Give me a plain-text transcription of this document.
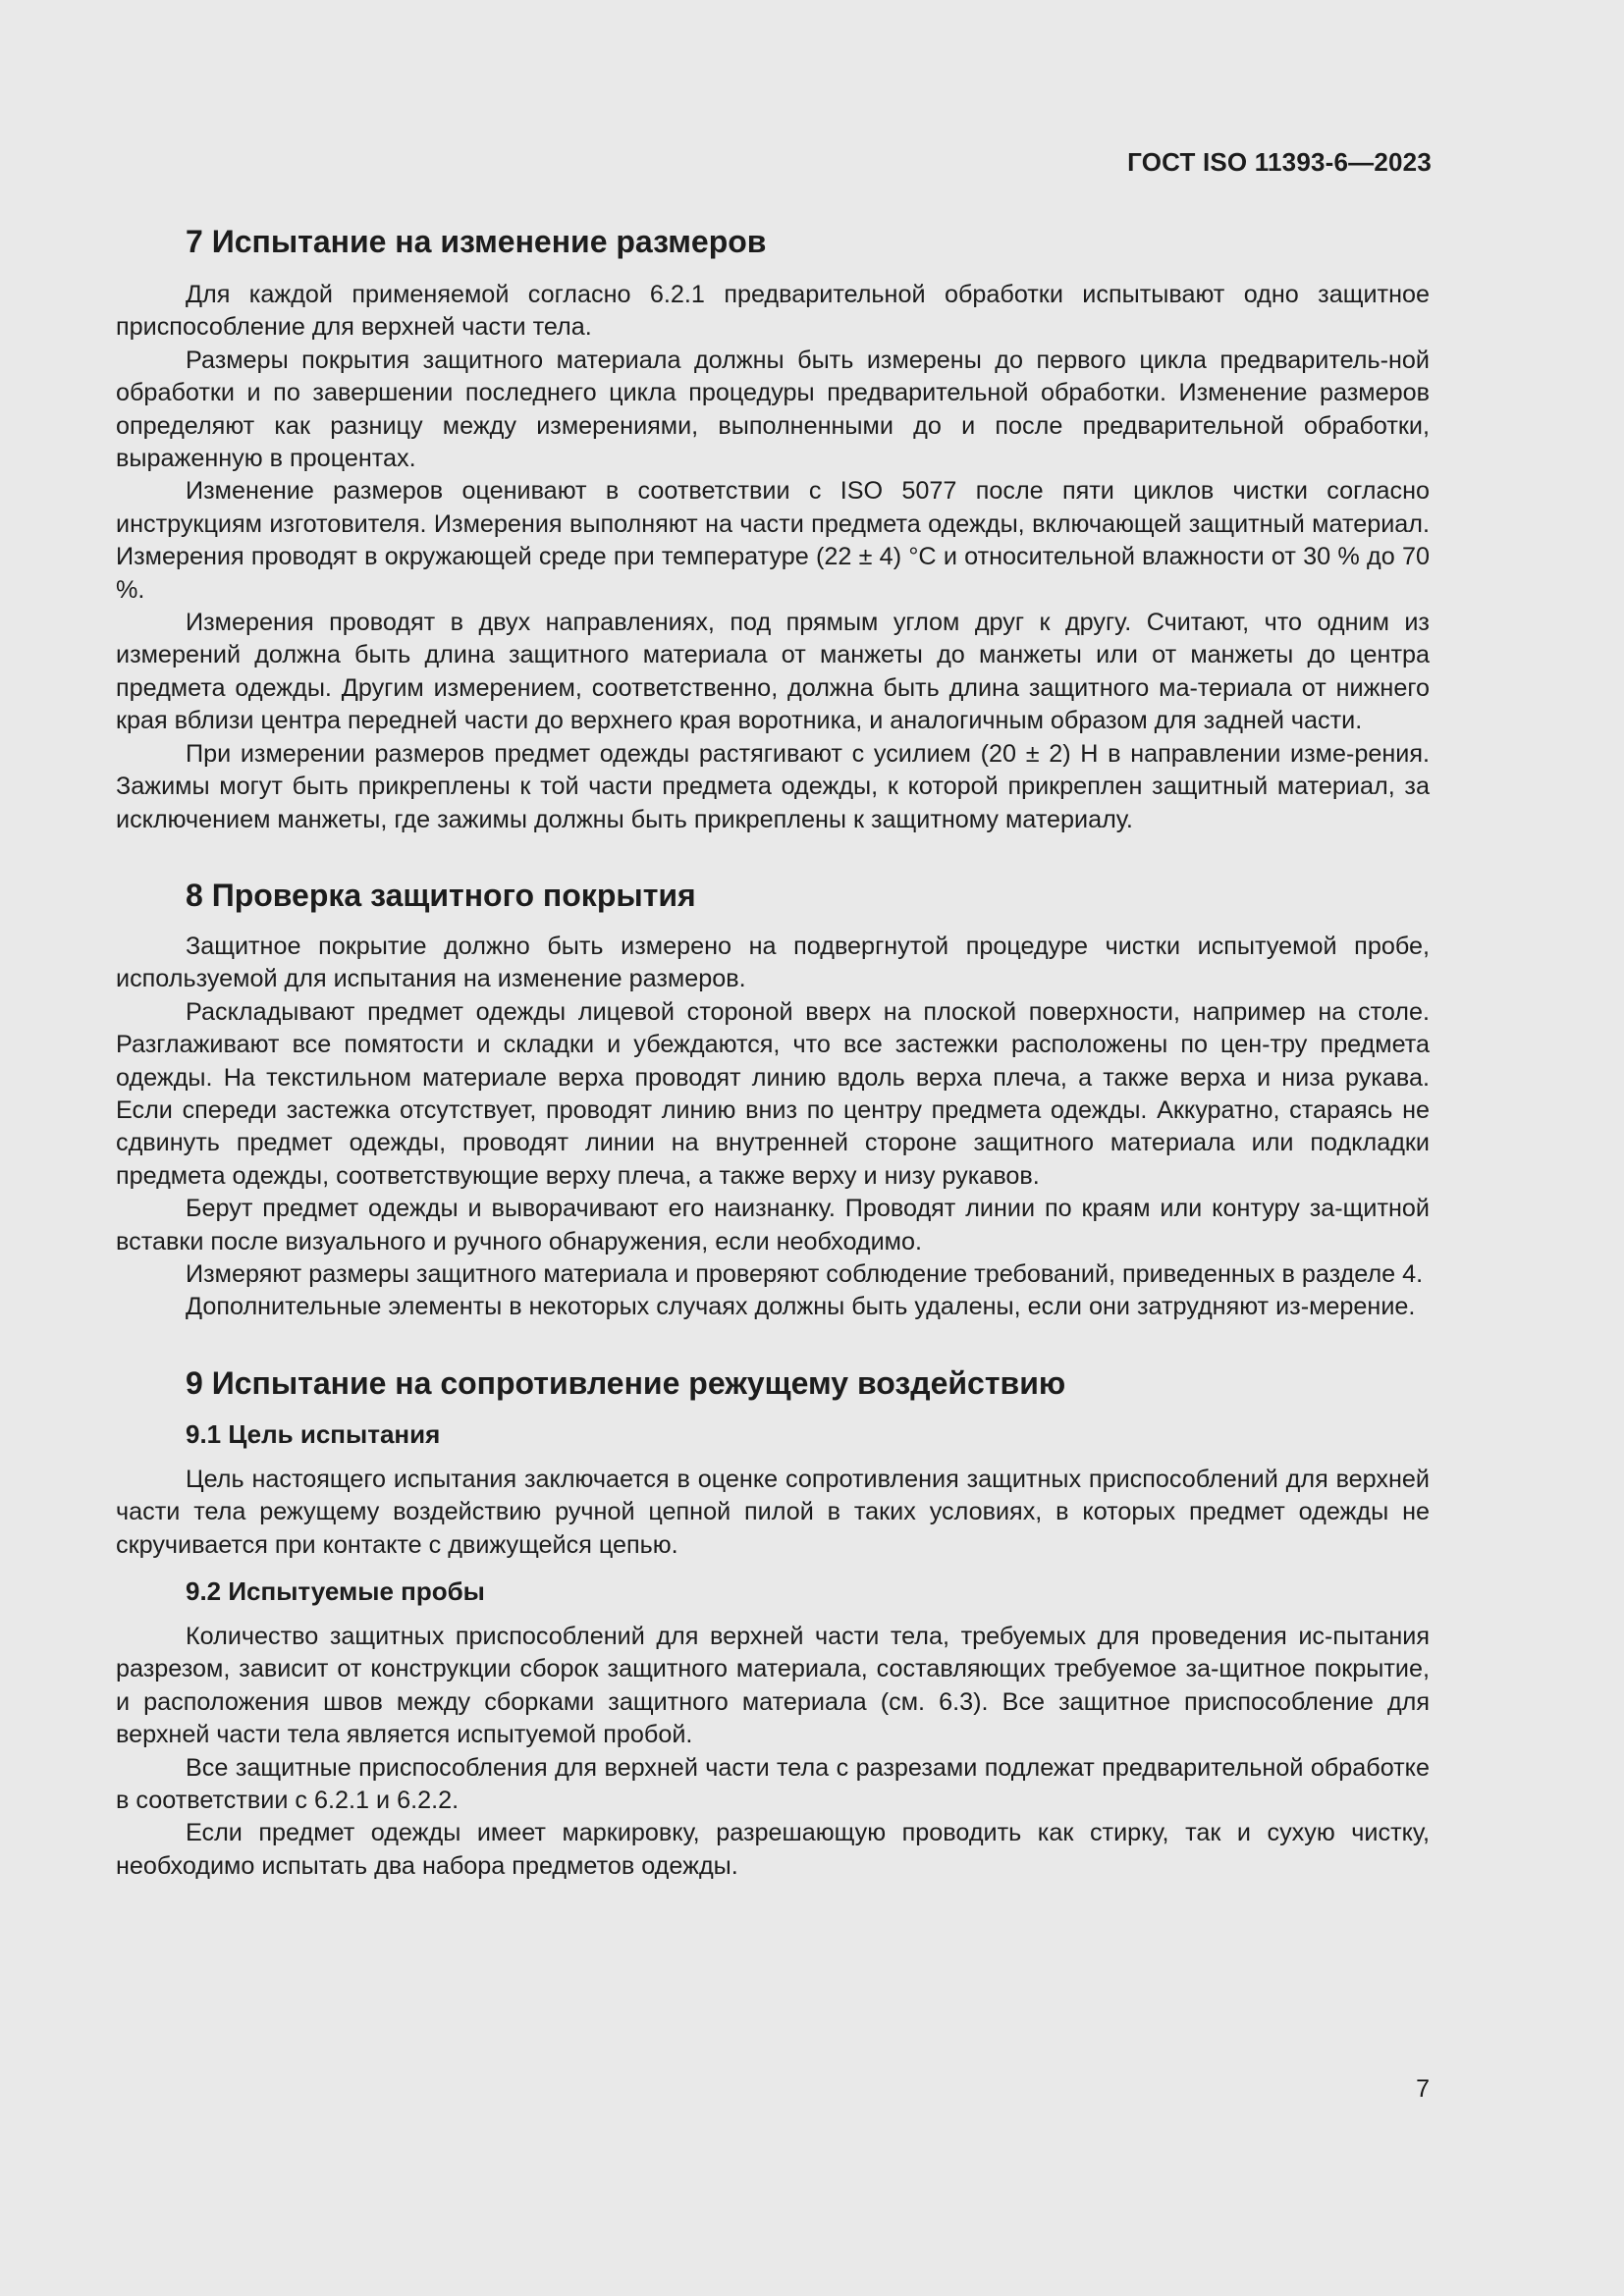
ГОСТ ISO 11393-6—2023
7 Испытание на изменение размеров

Для каждой применяемой согласно 6.2.1 предварительной обработки испытывают одно защитное приспособление для верхней части тела.

Размеры покрытия защитного материала должны быть измерены до первого цикла предваритель-ной обработки и по завершении последнего цикла процедуры предварительной обработки. Изменение размеров определяют как разницу между измерениями, выполненными до и после предварительной обработки, выраженную в процентах.

Изменение размеров оценивают в соответствии с ISO 5077 после пяти циклов чистки согласно инструкциям изготовителя. Измерения выполняют на части предмета одежды, включающей защитный материал. Измерения проводят в окружающей среде при температуре (22 ± 4) °С и относительной влажности от 30 % до 70 %.

Измерения проводят в двух направлениях, под прямым углом друг к другу. Считают, что одним из измерений должна быть длина защитного материала от манжеты до манжеты или от манжеты до центра предмета одежды. Другим измерением, соответственно, должна быть длина защитного ма-териала от нижнего края вблизи центра передней части до верхнего края воротника, и аналогичным образом для задней части.

При измерении размеров предмет одежды растягивают с усилием (20 ± 2) Н в направлении изме-рения. Зажимы могут быть прикреплены к той части предмета одежды, к которой прикреплен защитный материал, за исключением манжеты, где зажимы должны быть прикреплены к защитному материалу.

8 Проверка защитного покрытия

Защитное покрытие должно быть измерено на подвергнутой процедуре чистки испытуемой пробе, используемой для испытания на изменение размеров.

Раскладывают предмет одежды лицевой стороной вверх на плоской поверхности, например на столе. Разглаживают все помятости и складки и убеждаются, что все застежки расположены по цен-тру предмета одежды. На текстильном материале верха проводят линию вдоль верха плеча, а также верха и низа рукава. Если спереди застежка отсутствует, проводят линию вниз по центру предмета одежды. Аккуратно, стараясь не сдвинуть предмет одежды, проводят линии на внутренней стороне защитного материала или подкладки предмета одежды, соответствующие верху плеча, а также верху и низу рукавов.

Берут предмет одежды и выворачивают его наизнанку. Проводят линии по краям или контуру за-щитной вставки после визуального и ручного обнаружения, если необходимо.

Измеряют размеры защитного материала и проверяют соблюдение требований, приведенных в разделе 4.

Дополнительные элементы в некоторых случаях должны быть удалены, если они затрудняют из-мерение.

9 Испытание на сопротивление режущему воздействию
9.1 Цель испытания

Цель настоящего испытания заключается в оценке сопротивления защитных приспособлений для верхней части тела режущему воздействию ручной цепной пилой в таких условиях, в которых предмет одежды не скручивается при контакте с движущейся цепью.

9.2 Испытуемые пробы

Количество защитных приспособлений для верхней части тела, требуемых для проведения ис-пытания разрезом, зависит от конструкции сборок защитного материала, составляющих требуемое за-щитное покрытие, и расположения швов между сборками защитного материала (см. 6.3). Все защитное приспособление для верхней части тела является испытуемой пробой.

Все защитные приспособления для верхней части тела с разрезами подлежат предварительной обработке в соответствии с 6.2.1 и 6.2.2.

Если предмет одежды имеет маркировку, разрешающую проводить как стирку, так и сухую чистку, необходимо испытать два набора предметов одежды.

7
